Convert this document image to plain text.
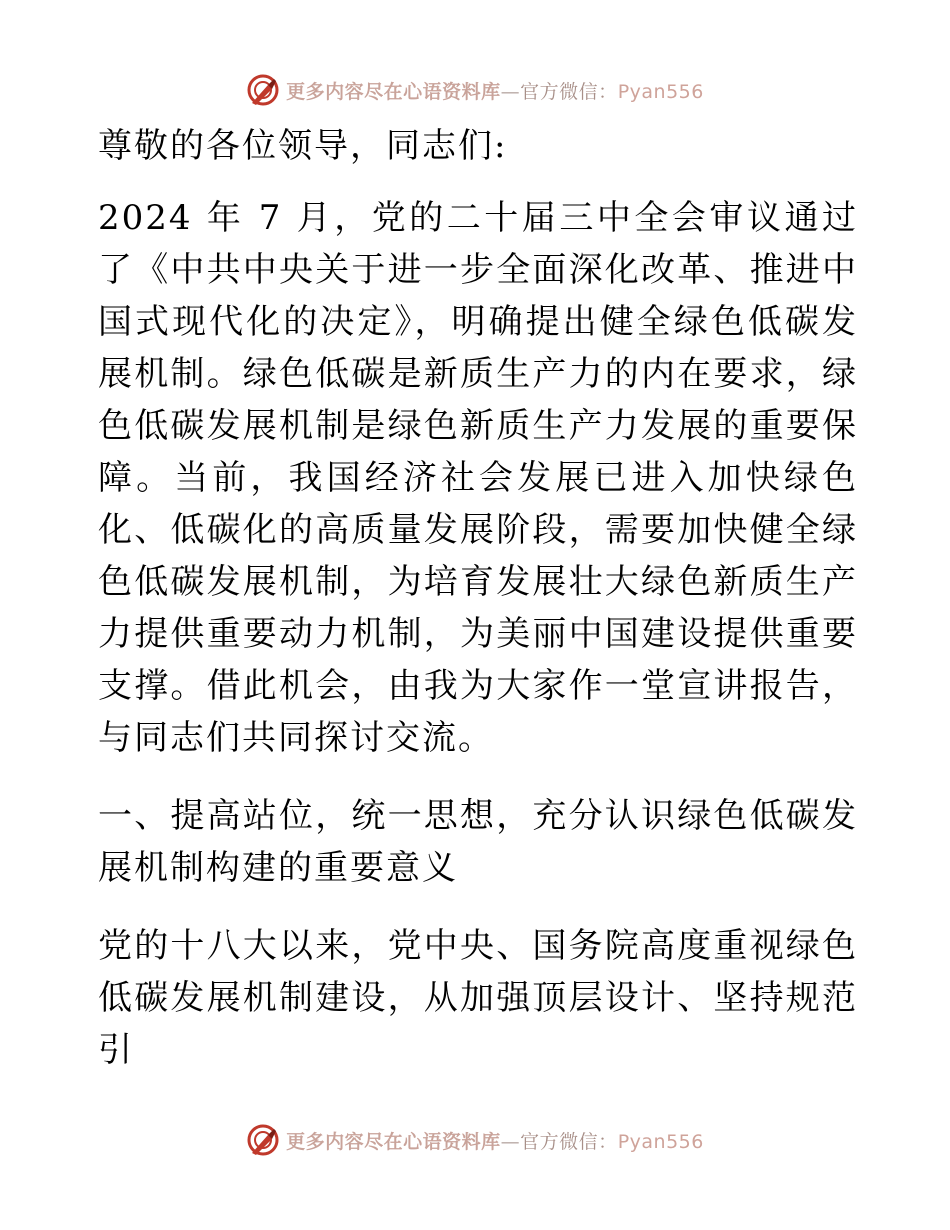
更多内容尽在心语资料库—官方微信：Pyan556

尊敬的各位领导，同志们:

2024 年 7 月，党的二十届三中全会审议通过了《中共中央关于进一步全面深化改革、推进中国式现代化的决定》，明确提出健全绿色低碳发展机制。绿色低碳是新质生产力的内在要求，绿色低碳发展机制是绿色新质生产力发展的重要保障。当前，我国经济社会发展已进入加快绿色化、低碳化的高质量发展阶段，需要加快健全绿色低碳发展机制，为培育发展壮大绿色新质生产力提供重要动力机制，为美丽中国建设提供重要支撑。借此机会，由我为大家作一堂宣讲报告，与同志们共同探讨交流。

一、提高站位，统一思想，充分认识绿色低碳发展机制构建的重要意义

党的十八大以来，党中央、国务院高度重视绿色低碳发展机制建设，从加强顶层设计、坚持规范引

更多内容尽在心语资料库—官方微信：Pyan556
